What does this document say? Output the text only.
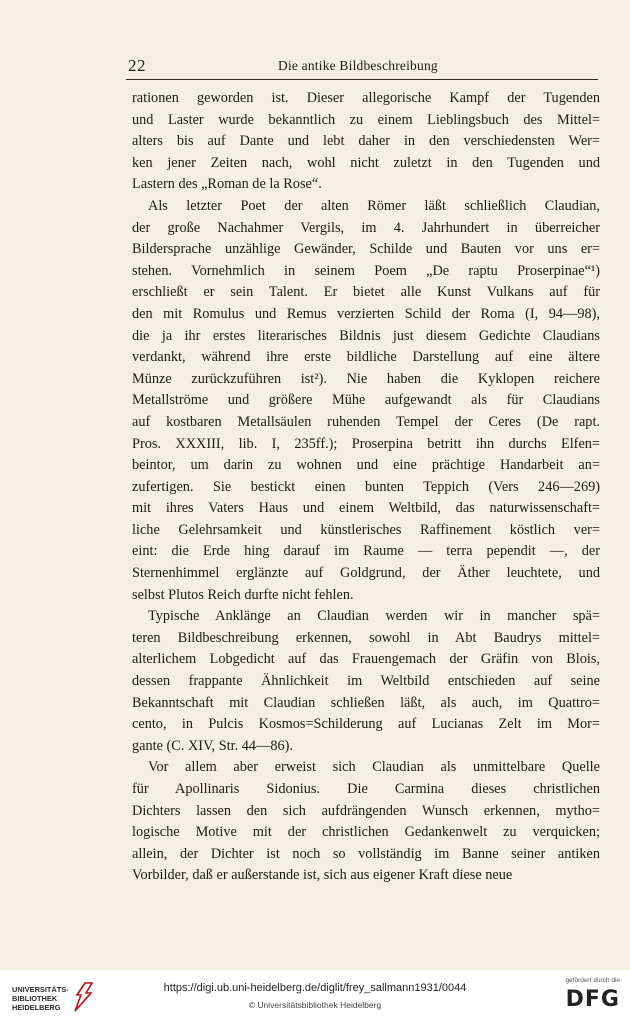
22	Die antike Bildbeschreibung
rationen geworden ist. Dieser allegorische Kampf der Tugenden
und Laster wurde bekanntlich zu einem Lieblingsbuch des Mittel=
alters bis auf Dante und lebt daher in den verschiedensten Wer=
ken jener Zeiten nach, wohl nicht zuletzt in den Tugenden und
Lastern des „Roman de la Rose“.
Als letzter Poet der alten Römer läßt schließlich Claudian,
der große Nachahmer Vergils, im 4. Jahrhundert in überreicher
Bildersprache unzählige Gewänder, Schilde und Bauten vor uns er=
stehen. Vornehmlich in seinem Poem „De raptu Proserpinae“¹)
erschließt er sein Talent. Er bietet alle Kunst Vulkans auf für
den mit Romulus und Remus verzierten Schild der Roma (I, 94—98),
die ja ihr erstes literarisches Bildnis just diesem Gedichte Claudians
verdankt, während ihre erste bildliche Darstellung auf eine ältere
Münze zurückzuführen ist²). Nie haben die Kyklopen reichere
Metallströme und größere Mühe aufgewandt als für Claudians
auf kostbaren Metallsäulen ruhenden Tempel der Ceres (De rapt.
Pros. XXXIII, lib. I, 235ff.); Proserpina betritt ihn durchs Elfen=
beintor, um darin zu wohnen und eine prächtige Handarbeit an=
zufertigen. Sie bestickt einen bunten Teppich (Vers 246—269)
mit ihres Vaters Haus und einem Weltbild, das naturwissenschaft=
liche Gelehrsamkeit und künstlerisches Raffinement köstlich ver=
eint: die Erde hing darauf im Raume — terra pependit —, der
Sternenhimmel erglänzte auf Goldgrund, der Äther leuchtete, und
selbst Plutos Reich durfte nicht fehlen.
Typische Anklänge an Claudian werden wir in mancher spä=
teren Bildbeschreibung erkennen, sowohl in Abt Baudrys mittel=
alterlichem Lobgedicht auf das Frauengemach der Gräfin von Blois,
dessen frappante Ähnlichkeit im Weltbild entschieden auf seine
Bekanntschaft mit Claudian schließen läßt, als auch, im Quattro=
cento, in Pulcis Kosmos=Schilderung auf Lucianas Zelt im Mor=
gante (C. XIV, Str. 44—86).
Vor allem aber erweist sich Claudian als unmittelbare Quelle
für Apollinaris Sidonius. Die Carmina dieses christlichen
Dichters lassen den sich aufdrängenden Wunsch erkennen, mytho=
logische Motive mit der christlichen Gedankenwelt zu verquicken;
allein, der Dichter ist noch so vollständig im Banne seiner antiken
Vorbilder, daß er außerstande ist, sich aus eigener Kraft diese neue
UNIVERSITÄTS-
BIBLIOTHEK
HEIDELBERG
https://digi.ub.uni-heidelberg.de/diglit/frey_sallmann1931/0044
© Universitätsbibliothek Heidelberg
gefördert durch die
DFG
